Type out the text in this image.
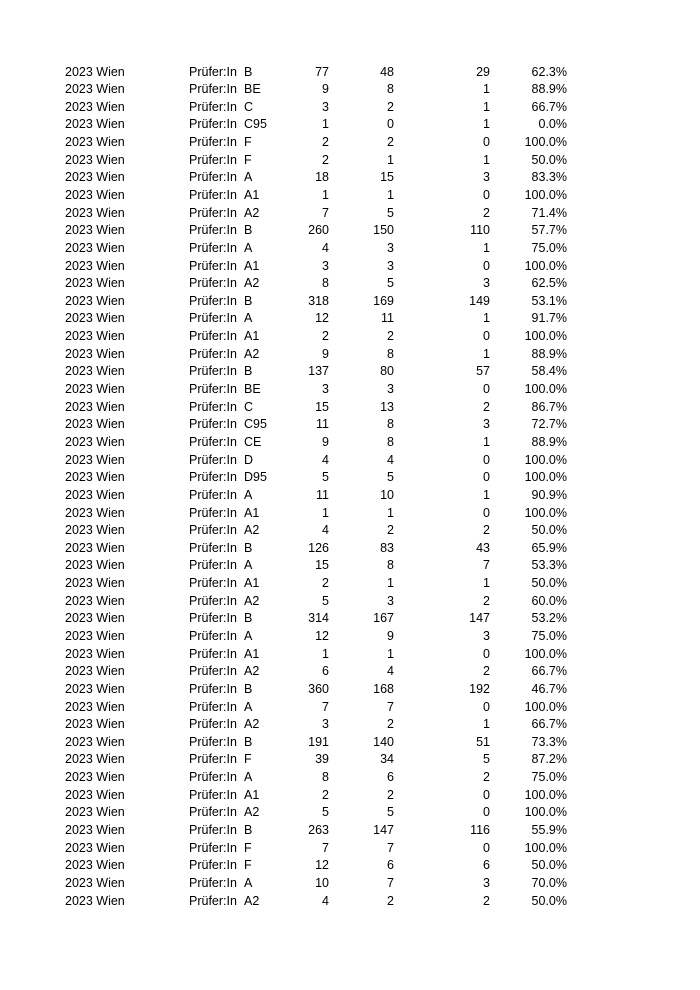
2023 Wien	Prüfer:In B	77	48	29	62.3%
2023 Wien	Prüfer:In BE	9	8	1	88.9%
2023 Wien	Prüfer:In C	3	2	1	66.7%
2023 Wien	Prüfer:In C95	1	0	1	0.0%
2023 Wien	Prüfer:In F	2	2	0	100.0%
2023 Wien	Prüfer:In F	2	1	1	50.0%
2023 Wien	Prüfer:In A	18	15	3	83.3%
2023 Wien	Prüfer:In A1	1	1	0	100.0%
2023 Wien	Prüfer:In A2	7	5	2	71.4%
2023 Wien	Prüfer:In B	260	150	110	57.7%
2023 Wien	Prüfer:In A	4	3	1	75.0%
2023 Wien	Prüfer:In A1	3	3	0	100.0%
2023 Wien	Prüfer:In A2	8	5	3	62.5%
2023 Wien	Prüfer:In B	318	169	149	53.1%
2023 Wien	Prüfer:In A	12	11	1	91.7%
2023 Wien	Prüfer:In A1	2	2	0	100.0%
2023 Wien	Prüfer:In A2	9	8	1	88.9%
2023 Wien	Prüfer:In B	137	80	57	58.4%
2023 Wien	Prüfer:In BE	3	3	0	100.0%
2023 Wien	Prüfer:In C	15	13	2	86.7%
2023 Wien	Prüfer:In C95	11	8	3	72.7%
2023 Wien	Prüfer:In CE	9	8	1	88.9%
2023 Wien	Prüfer:In D	4	4	0	100.0%
2023 Wien	Prüfer:In D95	5	5	0	100.0%
2023 Wien	Prüfer:In A	11	10	1	90.9%
2023 Wien	Prüfer:In A1	1	1	0	100.0%
2023 Wien	Prüfer:In A2	4	2	2	50.0%
2023 Wien	Prüfer:In B	126	83	43	65.9%
2023 Wien	Prüfer:In A	15	8	7	53.3%
2023 Wien	Prüfer:In A1	2	1	1	50.0%
2023 Wien	Prüfer:In A2	5	3	2	60.0%
2023 Wien	Prüfer:In B	314	167	147	53.2%
2023 Wien	Prüfer:In A	12	9	3	75.0%
2023 Wien	Prüfer:In A1	1	1	0	100.0%
2023 Wien	Prüfer:In A2	6	4	2	66.7%
2023 Wien	Prüfer:In B	360	168	192	46.7%
2023 Wien	Prüfer:In A	7	7	0	100.0%
2023 Wien	Prüfer:In A2	3	2	1	66.7%
2023 Wien	Prüfer:In B	191	140	51	73.3%
2023 Wien	Prüfer:In F	39	34	5	87.2%
2023 Wien	Prüfer:In A	8	6	2	75.0%
2023 Wien	Prüfer:In A1	2	2	0	100.0%
2023 Wien	Prüfer:In A2	5	5	0	100.0%
2023 Wien	Prüfer:In B	263	147	116	55.9%
2023 Wien	Prüfer:In F	7	7	0	100.0%
2023 Wien	Prüfer:In F	12	6	6	50.0%
2023 Wien	Prüfer:In A	10	7	3	70.0%
2023 Wien	Prüfer:In A2	4	2	2	50.0%
